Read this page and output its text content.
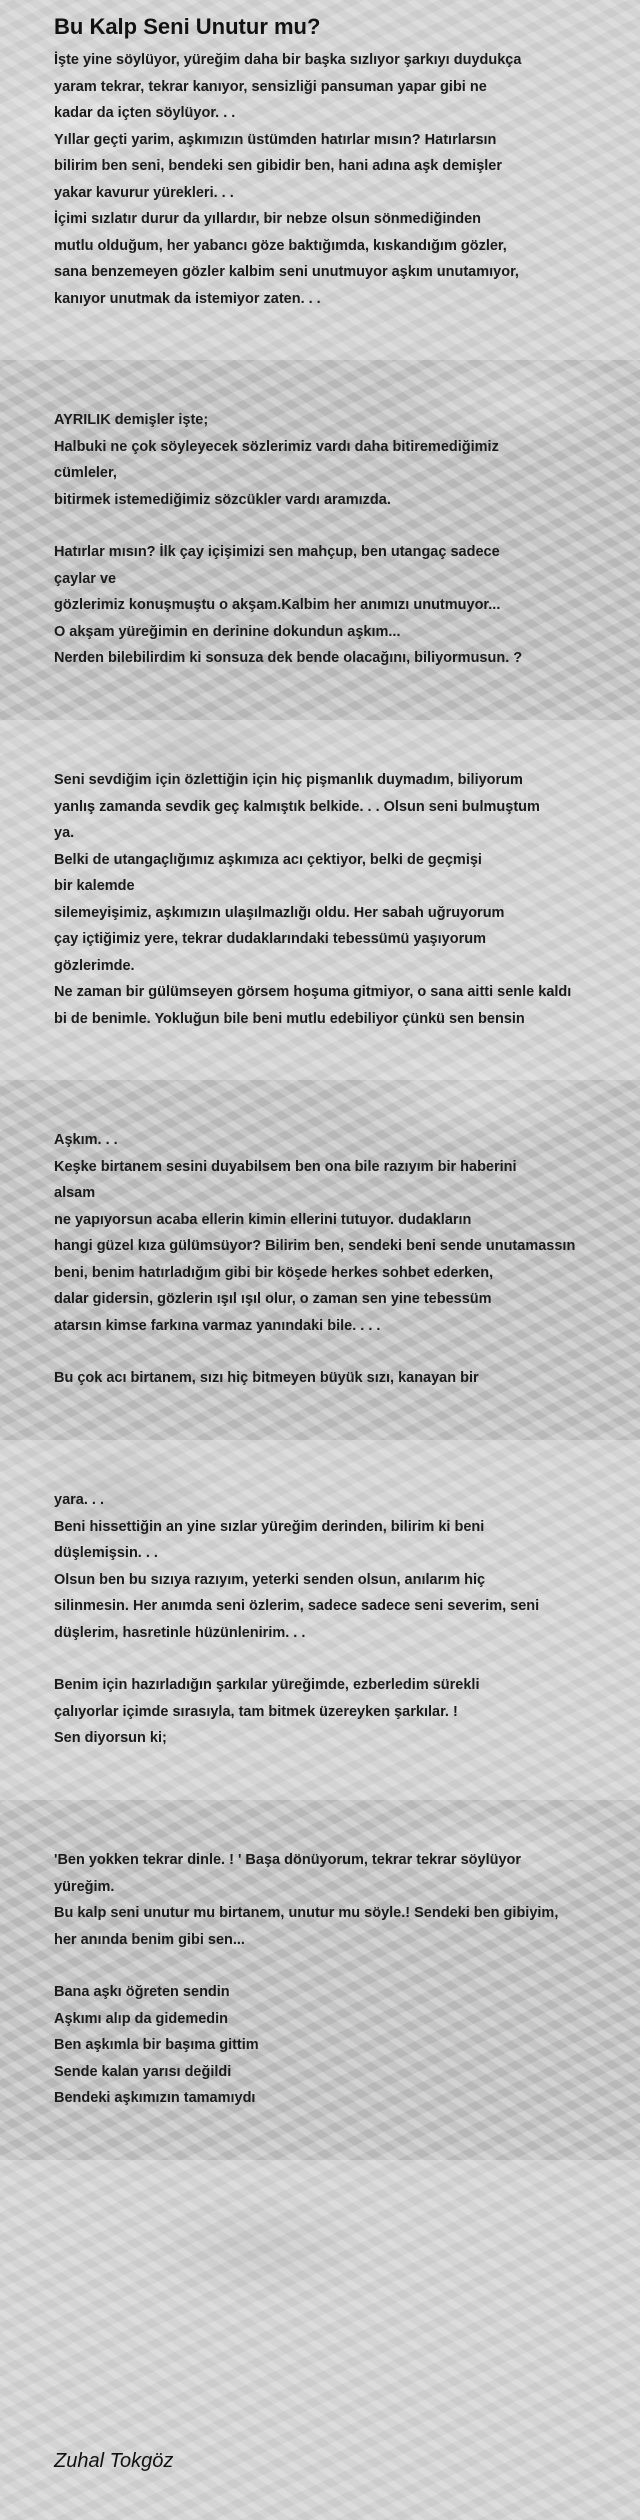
Bu Kalp Seni Unutur mu?

İşte yine söylüyor, yüreğim daha bir başka sızlıyor şarkıyı duydukça

yaram tekrar, tekrar kanıyor, sensizliği pansuman yapar gibi ne

kadar da içten söylüyor. . .

Yıllar geçti yarim, aşkımızın üstümden hatırlar mısın? Hatırlarsın

bilirim ben seni, bendeki sen gibidir ben, hani adına aşk demişler

yakar kavurur yürekleri. . .

İçimi sızlatır durur da yıllardır, bir nebze olsun sönmediğinden

mutlu olduğum, her yabancı göze baktığımda, kıskandığım gözler,

sana benzemeyen gözler kalbim seni unutmuyor aşkım unutamıyor,

kanıyor unutmak da istemiyor zaten. . .

AYRILIK demişler işte;

Halbuki ne çok söyleyecek sözlerimiz vardı daha bitiremediğimiz

cümleler,

bitirmek istemediğimiz sözcükler vardı aramızda.

Hatırlar mısın? İlk çay içişimizi sen mahçup, ben utangaç sadece

çaylar ve

gözlerimiz konuşmuştu o akşam.Kalbim her anımızı unutmuyor...

O akşam yüreğimin en derinine dokundun aşkım...

Nerden bilebilirdim ki sonsuza dek bende olacağını, biliyormusun. ?

Seni sevdiğim için özlettiğin için hiç pişmanlık duymadım, biliyorum

yanlış zamanda sevdik geç kalmıştık belkide. . . Olsun seni bulmuştum

ya.

Belki de utangaçlığımız aşkımıza acı çektiyor, belki de geçmişi

bir kalemde

silemeyişimiz, aşkımızın ulaşılmazlığı oldu. Her sabah uğruyorum

çay içtiğimiz yere, tekrar dudaklarındaki tebessümü yaşıyorum

gözlerimde.

Ne zaman bir gülümseyen görsem hoşuma gitmiyor, o sana aitti senle kaldı

bi de benimle. Yokluğun bile beni mutlu edebiliyor çünkü sen bensin

Aşkım. . .

Keşke birtanem sesini duyabilsem ben ona bile razıyım bir haberini

alsam

ne yapıyorsun acaba ellerin kimin ellerini tutuyor. dudakların

hangi güzel kıza gülümsüyor? Bilirim ben, sendeki beni sende unutamassın

beni, benim hatırladığım gibi bir köşede herkes sohbet ederken,

dalar gidersin, gözlerin ışıl ışıl olur, o zaman sen yine tebessüm

atarsın kimse farkına varmaz yanındaki bile. . . .

Bu çok acı birtanem, sızı hiç bitmeyen büyük sızı, kanayan bir

yara. . .

Beni hissettiğin an yine sızlar yüreğim derinden, bilirim ki beni

düşlemişsin. . .

Olsun ben bu sızıya razıyım, yeterki senden olsun, anılarım hiç

silinmesin. Her anımda seni özlerim, sadece sadece seni severim, seni

düşlerim, hasretinle hüzünlenirim. . .

Benim için hazırladığın şarkılar yüreğimde, ezberledim sürekli

çalıyorlar içimde sırasıyla, tam bitmek üzereyken şarkılar. !

Sen diyorsun ki;

'Ben yokken tekrar dinle. ! ' Başa dönüyorum, tekrar tekrar söylüyor

yüreğim.

Bu kalp seni unutur mu birtanem, unutur mu söyle.! Sendeki ben gibiyim,

her anında benim gibi sen...

Bana aşkı öğreten sendin

Aşkımı alıp da gidemedin

Ben aşkımla bir başıma gittim

Sende kalan yarısı değildi

Bendeki aşkımızın tamamıydı

Zuhal Tokgöz
